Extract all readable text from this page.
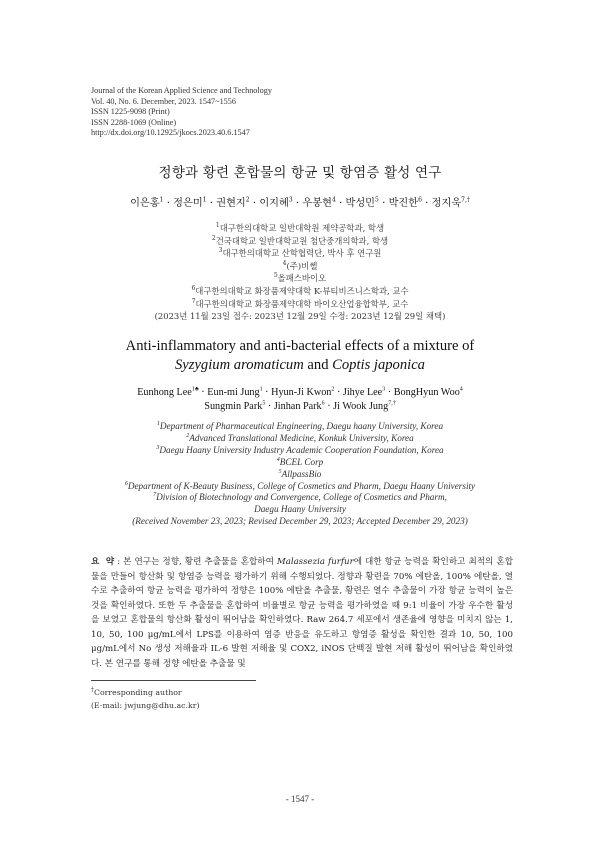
Journal of the Korean Applied Science and Technology
Vol. 40, No. 6. December, 2023. 1547~1556
ISSN 1225-9098 (Print)
ISSN 2288-1069 (Online)
http://dx.doi.org/10.12925/jkocs.2023.40.6.1547
정향과 황련 혼합물의 항균 및 항염증 활성 연구
이은홍$^1$ · 정은미$^1$ · 권현지$^2$ · 이지혜$^3$ · 우봉현$^4$ · 박성민$^5$ · 박진한$^6$ · 정지욱$^{7,\dagger}$
$^1$대구한의대학교 일반대학원 제약공학과, 학생
$^2$건국대학교 일반대학교원 첨단중개의학과, 학생
$^3$대구한의대학교 산학협력단, 박사 후 연구원
$^4$(주)비쎌
$^5$올패스바이오
$^6$대구한의대학교 화장품제약대학 K-뷰티비즈니스학과, 교수
$^7$대구한의대학교 화장품제약대학 바이오산업융합학부, 교수
(2023년 11월 23일 접수: 2023년 12월 29일 수정: 2023년 12월 29일 채택)
Anti-inflammatory and anti-bacterial effects of a mixture of
Syzygium aromaticum and Coptis japonica
Eunhong Lee$^{1♣}$ · Eun-mi Jung$^1$ · Hyun-Ji Kwon$^2$ · Jihye Lee$^3$ · BongHyun Woo$^4$
Sungmin Park$^5$ · Jinhan Park$^6$ · Ji Wook Jung$^{7,\dagger}$
$^1$Department of Pharmaceutical Engineering, Daegu haany University, Korea
$^2$Advanced Translational Medicine, Konkuk University, Korea
$^3$Daegu Haany University Industry Academic Cooperation Foundation, Korea
$^4$BCEL Corp
$^5$AllpassBio
$^6$Department of K-Beauty Business, College of Cosmetics and Pharm, Daegu Haany University
$^7$Division of Biotechnology and Convergence, College of Cosmetics and Pharm,
Daegu Haany University
(Received November 23, 2023; Revised December 29, 2023; Accepted December 29, 2023)
요  약 : 본 연구는 정향, 황련 추출물을 혼합하여 Malassezia furfur에 대한 항균 능력을 확인하고 최적의 혼합물을 만들어 항산화 및 항염증 능력을 평가하기 위해 수행되었다. 정향과 황련을 70% 에탄올, 100% 에탄올, 열수로 추출하여 항균 능력을 평가하여 정향은 100% 에탄올 추출물, 황련은 열수 추출물이 가장 항균 능력이 높은 것을 확인하였다. 또한 두 추출물을 혼합하여 비율별로 항균 능력을 평가하였을 때 9:1 비율이 가장 우수한 활성을 보였고 혼합물의 항산화 활성이 뛰어남을 확인하였다. Raw 264.7 세포에서 생존율에 영향을 미치지 않는 1, 10, 50, 100 μg/mL에서 LPS를 이용하여 염증 반응을 유도하고 항염증 활성을 확인한 결과 10, 50, 100 μg/mL에서 No 생성 저해율과 IL-6 발현 저해율 및 COX2, iNOS 단백질 발현 저해 활성이 뛰어남을 확인하였다. 본 연구를 통해 정향 에탄올 추출물 및
†Corresponding author
(E-mail: jwjung@dhu.ac.kr)
- 1547 -
